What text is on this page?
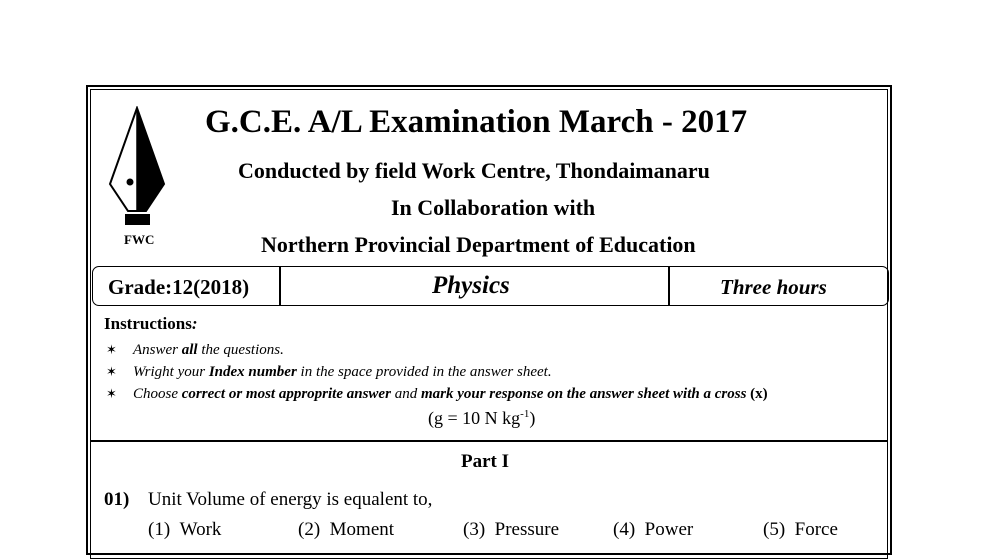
FWC
G.C.E. A/L Examination March - 2017
Conducted by field Work Centre, Thondaimanaru
In Collaboration with
Northern Provincial Department of Education
Grade:12(2018)	Physics	Three hours
Instructions:
✶ Answer all the questions.
✶ Wright your Index number in the space provided in the answer sheet.
✶ Choose correct or most approprite answer and mark your response on the answer sheet with a cross (x)
(g = 10 N $kg^{-1}$)
Part I
01) Unit Volume of energy is equalent to,
(1) Work	(2) Moment	(3) Pressure	(4) Power	(5) Force
